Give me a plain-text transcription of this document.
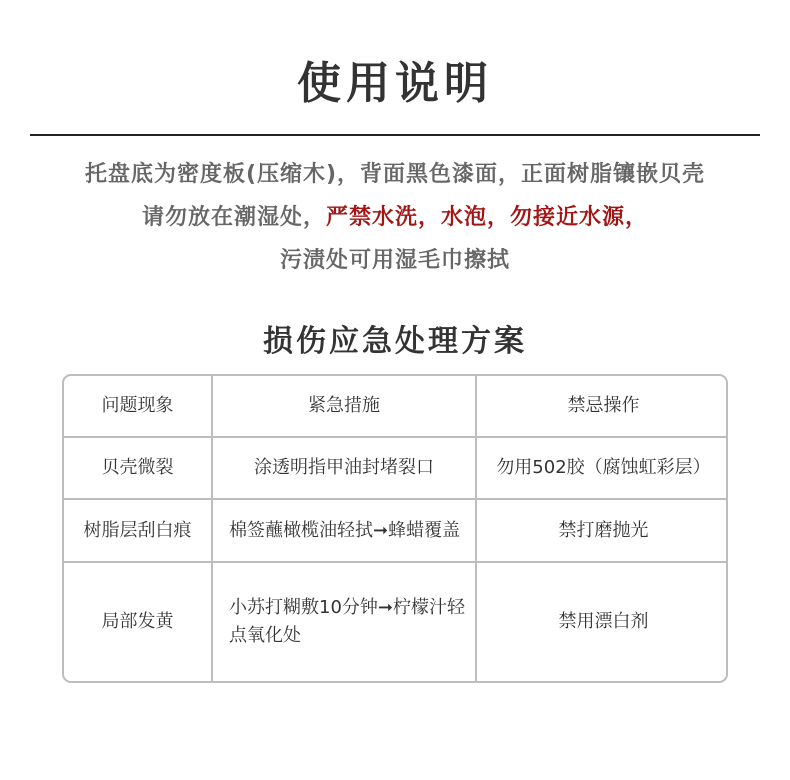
使用说明
托盘底为密度板(压缩木)，背面黑色漆面，正面树脂镶嵌贝壳
请勿放在潮湿处，严禁水洗，水泡，勿接近水源，
污渍处可用湿毛巾擦拭
损伤应急处理方案
问题现象	紧急措施	禁忌操作
贝壳微裂	涂透明指甲油封堵裂口	勿用502胶（腐蚀虹彩层）
树脂层刮白痕	棉签蘸橄榄油轻拭➞蜂蜡覆盖	禁打磨抛光
局部发黄	小苏打糊敷10分钟➞柠檬汁轻点氧化处	禁用漂白剂
